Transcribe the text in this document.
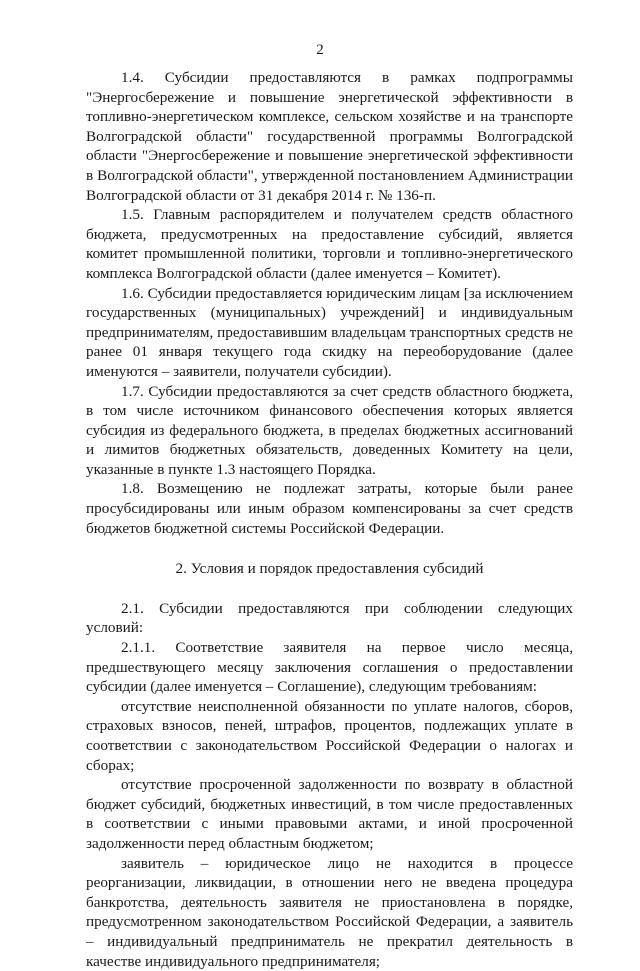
2

1.4. Субсидии предоставляются в рамках подпрограммы "Энергосбережение и повышение энергетической эффективности в топливно-энергетическом комплексе, сельском хозяйстве и на транспорте Волгоградской области" государственной программы Волгоградской области "Энергосбережение и повышение энергетической эффективности в Волгоградской области", утвержденной постановлением Администрации Волгоградской области от 31 декабря 2014 г. № 136-п.

1.5. Главным распорядителем и получателем средств областного бюджета, предусмотренных на предоставление субсидий, является комитет промышленной политики, торговли и топливно-энергетического комплекса Волгоградской области (далее именуется – Комитет).

1.6. Субсидии предоставляется юридическим лицам [за исключением государственных (муниципальных) учреждений] и индивидуальным предпринимателям, предоставившим владельцам транспортных средств не ранее 01 января текущего года скидку на переоборудование (далее именуются – заявители, получатели субсидии).

1.7. Субсидии предоставляются за счет средств областного бюджета, в том числе источником финансового обеспечения которых является субсидия из федерального бюджета, в пределах бюджетных ассигнований и лимитов бюджетных обязательств, доведенных Комитету на цели, указанные в пункте 1.3 настоящего Порядка.

1.8. Возмещению не подлежат затраты, которые были ранее просубсидированы или иным образом компенсированы за счет средств бюджетов бюджетной системы Российской Федерации.

2. Условия и порядок предоставления субсидий

2.1. Субсидии предоставляются при соблюдении следующих условий:

2.1.1. Соответствие заявителя на первое число месяца, предшествующего месяцу заключения соглашения о предоставлении субсидии (далее именуется – Соглашение), следующим требованиям:

отсутствие неисполненной обязанности по уплате налогов, сборов, страховых взносов, пеней, штрафов, процентов, подлежащих уплате в соответствии с законодательством Российской Федерации о налогах и сборах;

отсутствие просроченной задолженности по возврату в областной бюджет субсидий, бюджетных инвестиций, в том числе предоставленных в соответствии с иными правовыми актами, и иной просроченной задолженности перед областным бюджетом;

заявитель – юридическое лицо не находится в процессе реорганизации, ликвидации, в отношении него не введена процедура банкротства, деятельность заявителя не приостановлена в порядке, предусмотренном законодательством Российской Федерации, а заявитель – индивидуальный предприниматель не прекратил деятельность в качестве индивидуального предпринимателя;
